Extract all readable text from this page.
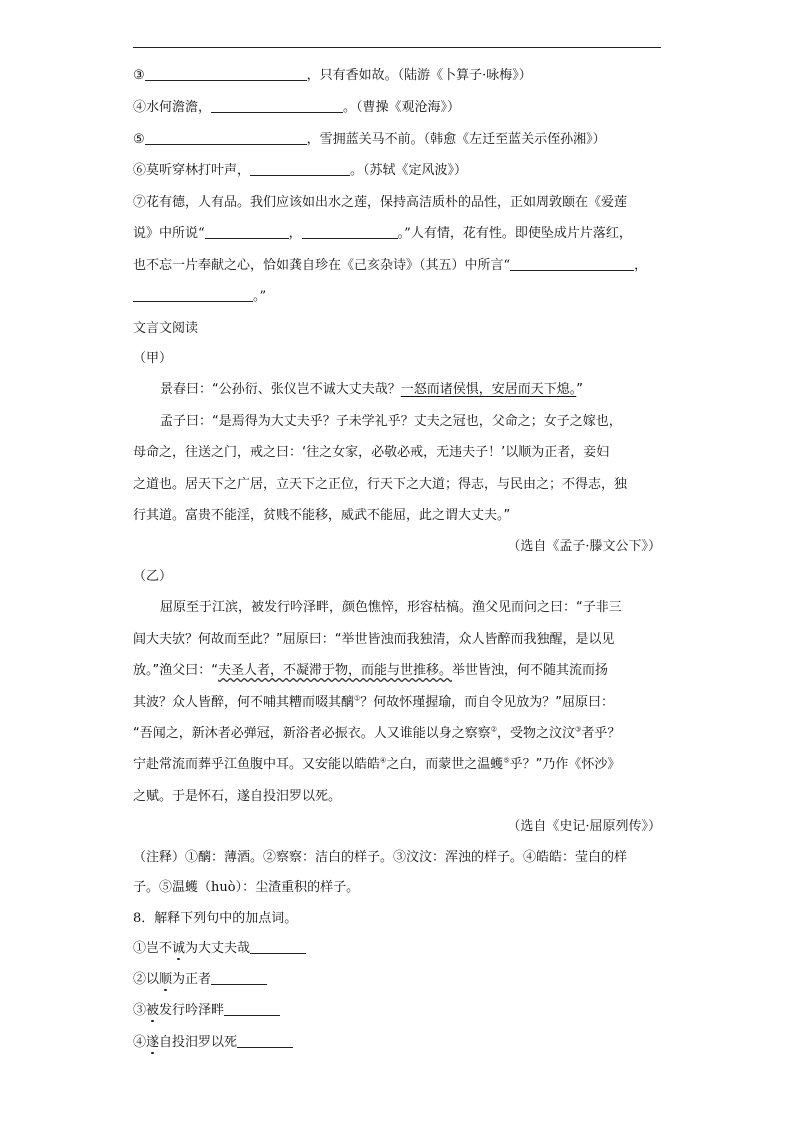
③	，只有香如故。（陆游《卜算子·咏梅》）
④水何澹澹，	。（曹操《观沧海》）
⑤	，雪拥蓝关马不前。（韩愈《左迁至蓝关示侄孙湘》）
⑥莫听穿林打叶声，	。（苏轼《定风波》）
⑦花有德，人有品。我们应该如出水之莲，保持高洁质朴的品性，正如周敦颐在《爱莲
说》中所说“	，	。”人有情，花有性。即使坠成片片落红，
也不忘一片奉献之心，恰如龚自珍在《己亥杂诗》（其五）中所言“	，
。”
文言文阅读
（甲）
景春曰：“公孙衍、张仪岂不诚大丈夫哉？一怒而诸侯惧，安居而天下熄。”
孟子曰：“是焉得为大丈夫乎？子未学礼乎？丈夫之冠也，父命之；女子之嫁也，
母命之，往送之门，戒之曰：‘往之女家，必敬必戒，无违夫子！’以顺为正者，妾妇
之道也。居天下之广居，立天下之正位，行天下之大道；得志，与民由之；不得志，独
行其道。富贵不能淫，贫贱不能移，威武不能屈，此之谓大丈夫。”
（选自《孟子·滕文公下》）
（乙）
屈原至于江滨，被发行吟泽畔，颜色憔悴，形容枯槁。渔父见而问之曰：“子非三
闾大夫欤？何故而至此？”屈原曰：“举世皆浊而我独清，众人皆醉而我独醒，是以见
放。”渔父曰：“夫圣人者，不凝滞于物，而能与世推移。举世皆浊，何不随其流而扬
其波？众人皆醉，何不哺其糟而啜其醨①？何故怀瑾握瑜，而自令见放为？”屈原曰：
“吾闻之，新沐者必弹冠，新浴者必振衣。人又谁能以身之察察②，受物之汶汶③者乎？
宁赴常流而葬乎江鱼腹中耳。又安能以皓皓④之白，而蒙世之温蠖⑤乎？”乃作《怀沙》
之赋。于是怀石，遂自投汨罗以死。
（选自《史记·屈原列传》）
（注释）①醨：薄酒。②察察：洁白的样子。③汶汶：浑浊的样子。④皓皓：莹白的样
子。⑤温蠖（huò）：尘渣重积的样子。
8．解释下列句中的加点词。
①岂不诚为大丈夫哉
②以顺为正者
③被发行吟泽畔
④遂自投汨罗以死
